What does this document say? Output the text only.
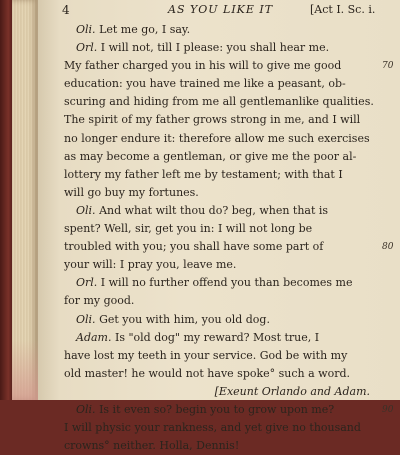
4	AS YOU LIKE IT	[Act I. Sc. i.
Oli. Let me go, I say.
Orl. I will not, till I please: you shall hear me.
My father charged you in his will to give me good	70
education: you have trained me like a peasant, ob-
scuring and hiding from me all gentlemanlike qualities.
The spirit of my father grows strong in me, and I will
no longer endure it: therefore allow me such exercises
as may become a gentleman, or give me the poor al-
lottery my father left me by testament; with that I
will go buy my fortunes.
Oli. And what wilt thou do? beg, when that is
spent? Well, sir, get you in: I will not long be
troubled with you; you shall have some part of	80
your will: I pray you, leave me.
Orl. I will no further offend you than becomes me
for my good.
Oli. Get you with him, you old dog.
Adam. Is "old dog" my reward? Most true, I
have lost my teeth in your service. God be with my
old master! he would not have spoke° such a word.
[Exeunt Orlando and Adam.
Oli. Is it even so? begin you to grow upon me?	90
I will physic your rankness, and yet give no thousand
crowns° neither. Holla, Dennis!
